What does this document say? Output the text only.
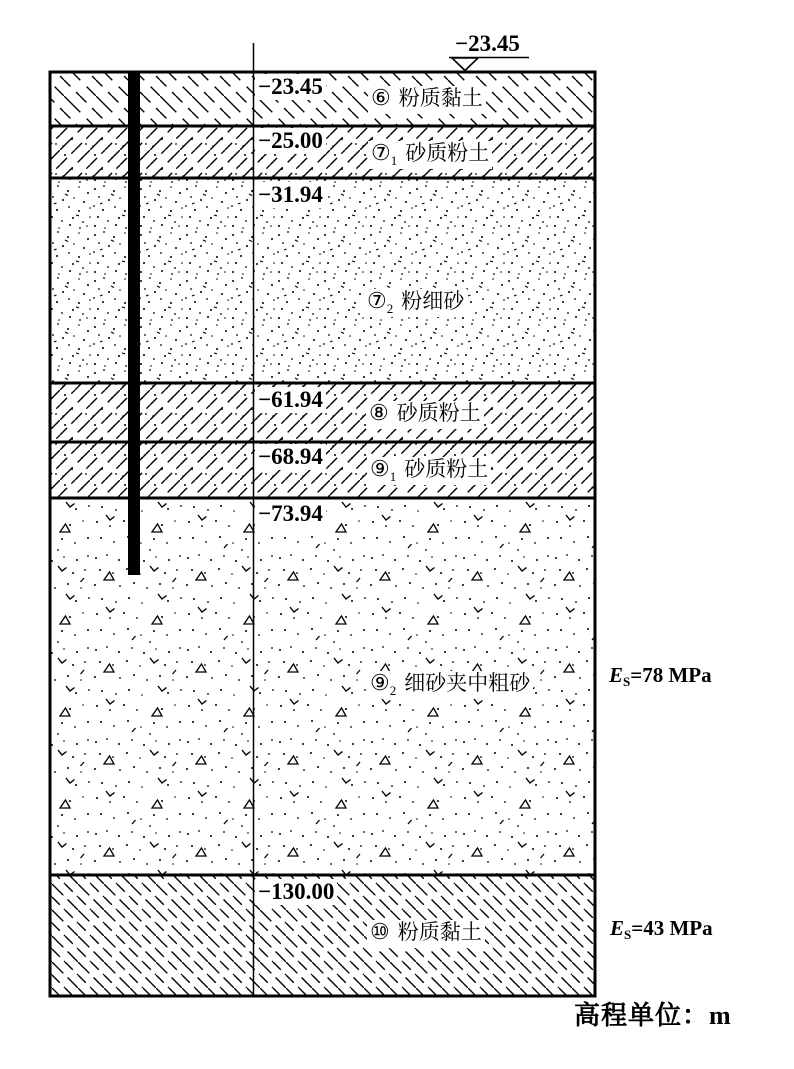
−23.45
−23.45
−25.00
−31.94
−61.94
−68.94
−73.94
−130.00
⑥ 粉质黏土
$⑦_1$ 砂质粉土
$⑦_2$ 粉细砂
⑧ 砂质粉土
$⑨_1$ 砂质粉土
$⑨_2$ 细砂夹中粗砂
⑩ 粉质黏土
ES=78 MPa
ES=43 MPa
高程单位：m
